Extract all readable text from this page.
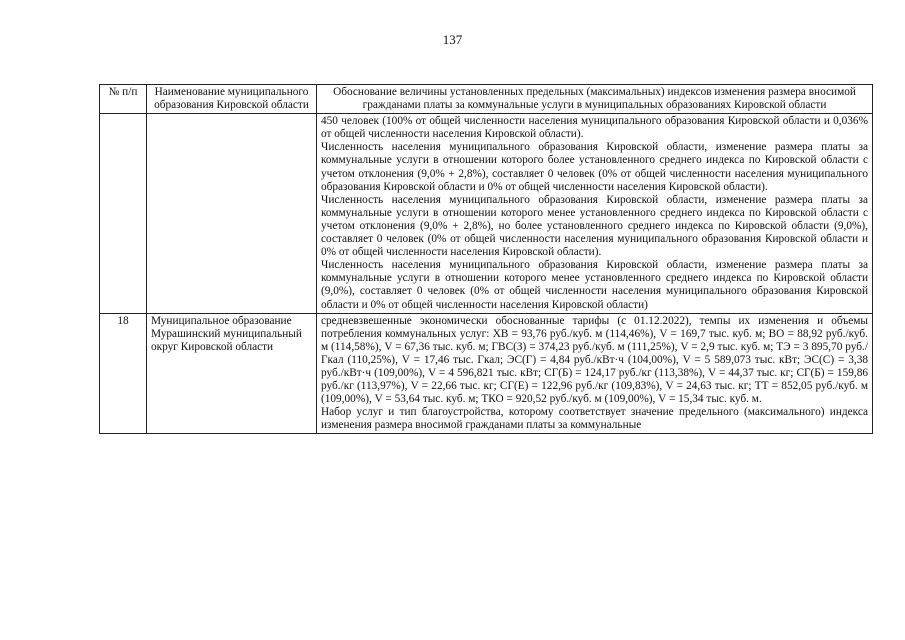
137
№ п/п	Наименование муниципального образования Кировской области	Обоснование величины установленных предельных (максимальных) индексов изменения размера вносимой гражданами платы за коммунальные услуги в муниципальных образованиях Кировской области

		450 человек (100% от общей численности населения муниципального образования Кировской области и 0,036% от общей численности населения Кировской области).

Численность населения муниципального образования Кировской области, изменение размера платы за коммунальные услуги в отношении которого более установленного среднего индекса по Кировской области с учетом отклонения (9,0% + 2,8%), составляет 0 человек (0% от общей численности населения муниципального образования Кировской области и 0% от общей численности населения Кировской области).

Численность населения муниципального образования Кировской области, изменение размера платы за коммунальные услуги в отношении которого менее установленного среднего индекса по Кировской области с учетом отклонения (9,0% + 2,8%), но более установленного среднего индекса по Кировской области (9,0%), составляет 0 человек (0% от общей численности населения муниципального образования Кировской области и 0% от общей численности населения Кировской области).

Численность населения муниципального образования Кировской области, изменение размера платы за коммунальные услуги в отношении которого менее установленного среднего индекса по Кировской области (9,0%), составляет 0 человек (0% от общей численности населения муниципального образования Кировской области и 0% от общей численности населения Кировской области)

18	Муниципальное образование Мурашинский муниципальный округ Кировской области	средневзвешенные экономически обоснованные тарифы (с 01.12.2022), темпы их изменения и объемы потребления коммунальных услуг: ХВ = 93,76 руб./куб. м (114,46%), V = 169,7 тыс. куб. м; ВО = 88,92 руб./куб. м (114,58%), V = 67,36 тыс. куб. м; ГВС(З) = 374,23 руб./куб. м (111,25%), V = 2,9 тыс. куб. м; ТЭ = 3 895,70 руб./Гкал (110,25%), V = 17,46 тыс. Гкал; ЭС(Г) = 4,84 руб./кВт·ч (104,00%), V = 5 589,073 тыс. кВт; ЭС(С) = 3,38 руб./кВт·ч (109,00%), V = 4 596,821 тыс. кВт; СГ(Б) = 124,17 руб./кг (113,38%), V = 44,37 тыс. кг; СГ(Б) = 159,86 руб./кг (113,97%), V = 22,66 тыс. кг; СГ(Е) = 122,96 руб./кг (109,83%), V = 24,63 тыс. кг; ТТ = 852,05 руб./куб. м (109,00%), V = 53,64 тыс. куб. м; ТКО = 920,52 руб./куб. м (109,00%), V = 15,34 тыс. куб. м.

Набор услуг и тип благоустройства, которому соответствует значение предельного (максимального) индекса изменения размера вносимой гражданами платы за коммунальные
